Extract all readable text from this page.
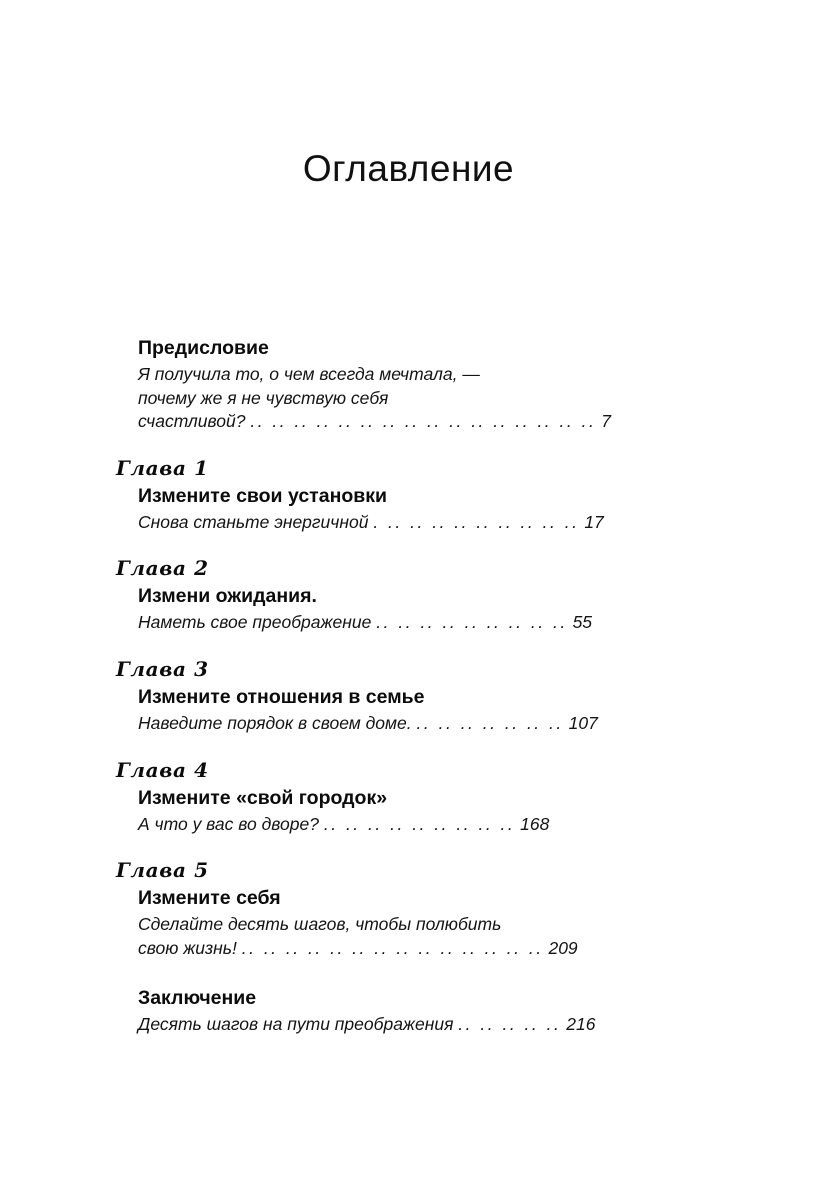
Оглавление
Предисловие
Я получила то, о чем всегда мечтала, —
почему же я не чувствую себя
счастливой? .. .. .. .. .. .. .. .. .. .. .. .. .. .. .. .. 7
Глава 1
Измените свои установки
Снова станьте энергичной . .. .. .. .. .. .. .. .. .. 17
Глава 2
Измени ожидания.
Наметь свое преображение .. .. .. .. .. .. .. .. .. 55
Глава 3
Измените отношения в семье
Наведите порядок в своем доме. .. .. .. .. .. .. .. 107
Глава 4
Измените «свой городок»
А что у вас во дворе? .. .. .. .. .. .. .. .. .. 168
Глава 5
Измените себя
Сделайте десять шагов, чтобы полюбить
свою жизнь! .. .. .. .. .. .. .. .. .. .. .. .. .. .. 209
Заключение
Десять шагов на пути преображения .. .. .. .. .. 216
